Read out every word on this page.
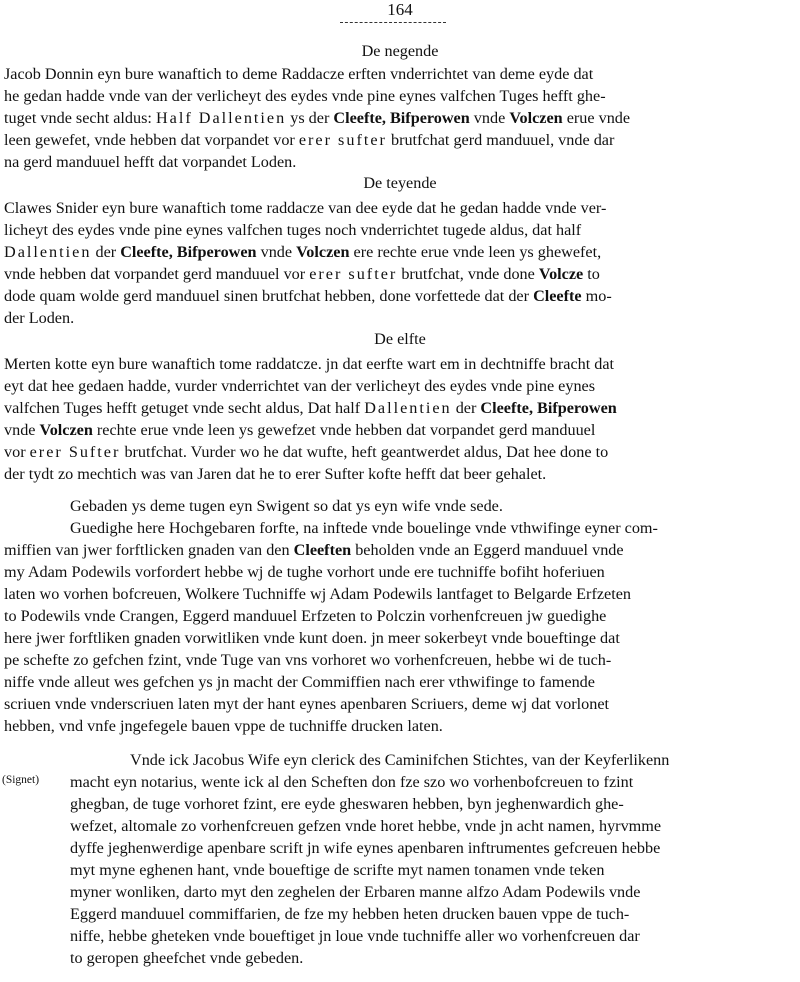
164
De negende
Jacob Donnin eyn bure wanaftich to deme Raddacze erften vnderrichtet van deme eyde dat
he gedan hadde vnde van der verlicheyt des eydes vnde pine eynes valfchen Tuges hefft ghe-
tuget vnde secht aldus: Half Dallentien ys der Cleefte, Bifperowen vnde Volczen erue vnde
leen gewefet, vnde hebben dat vorpandet vor erer sufter brutfchat gerd manduuel, vnde dar
na gerd manduuel hefft dat vorpandet Loden.
De teyende
Clawes Snider eyn bure wanaftich tome raddacze van dee eyde dat he gedan hadde vnde ver-
licheyt des eydes vnde pine eynes valfchen tuges noch vnderrichtet tugede aldus, dat half
Dallentien der Cleefte, Bifperowen vnde Volczen ere rechte erue vnde leen ys ghewefet,
vnde hebben dat vorpandet gerd manduuel vor erer sufter brutfchat, vnde done Volcze to
dode quam wolde gerd manduuel sinen brutfchat hebben, done vorfettede dat der Cleefte mo-
der Loden.
De elfte
Merten kotte eyn bure wanaftich tome raddatcze. jn dat eerfte wart em in dechtniffe bracht dat
eyt dat hee gedaen hadde, vurder vnderrichtet van der verlicheyt des eydes vnde pine eynes
valfchen Tuges hefft getuget vnde secht aldus, Dat half Dallentien der Cleefte, Bifperowen
vnde Volczen rechte erue vnde leen ys gewefzet vnde hebben dat vorpandet gerd manduuel
vor erer Sufter brutfchat. Vurder wo he dat wufte, heft geantwerdet aldus, Dat hee done to
der tydt zo mechtich was van Jaren dat he to erer Sufter kofte hefft dat beer gehalet.
Gebaden ys deme tugen eyn Swigent so dat ys eyn wife vnde sede.
Guedighe here Hochgebaren forfte, na inftede vnde bouelinge vnde vthwifinge eyner com-
miffien van jwer forftlicken gnaden van den Cleeften beholden vnde an Eggerd manduuel vnde
my Adam Podewils vorfordert hebbe wj de tughe vorhort unde ere tuchniffe bofiht hoferiuen
laten wo vorhen bofcreuen, Wolkere Tuchniffe wj Adam Podewils lantfaget to Belgarde Erfzeten
to Podewils vnde Crangen, Eggerd manduuel Erfzeten to Polczin vorhenfcreuen jw guedighe
here jwer forftliken gnaden vorwitliken vnde kunt doen. jn meer sokerbeyt vnde boueftinge dat
pe schefte zo gefchen fzint, vnde Tuge van vns vorhoret wo vorhenfcreuen, hebbe wi de tuch-
niffe vnde alleut wes gefchen ys jn macht der Commiffien nach erer vthwifinge to famende
scriuen vnde vnderscriuen laten myt der hant eynes apenbaren Scriuers, deme wj dat vorlonet
hebben, vnd vnfe jngefegele bauen vppe de tuchniffe drucken laten.
(Signet)
Vnde ick Jacobus Wife eyn clerick des Caminifchen Stichtes, van der Keyferlikenn
macht eyn notarius, wente ick al den Scheften don fze szo wo vorhenbofcreuen to fzint
ghegban, de tuge vorhoret fzint, ere eyde gheswaren hebben, byn jeghenwardich ghe-
wefzet, altomale zo vorhenfcreuen gefzen vnde horet hebbe, vnde jn acht namen, hyrvmme
dyffe jeghenwerdige apenbare scrift jn wife eynes apenbaren inftrumentes gefcreuen hebbe
myt myne eghenen hant, vnde boueftige de scrifte myt namen tonamen vnde teken
myner wonliken, darto myt den zeghelen der Erbaren manne alfzo Adam Podewils vnde
Eggerd manduuel commiffarien, de fze my hebben heten drucken bauen vppe de tuch-
niffe, hebbe gheteken vnde boueftiget jn loue vnde tuchniffe aller wo vorhenfcreuen dar
to geropen gheefchet vnde gebeden.
